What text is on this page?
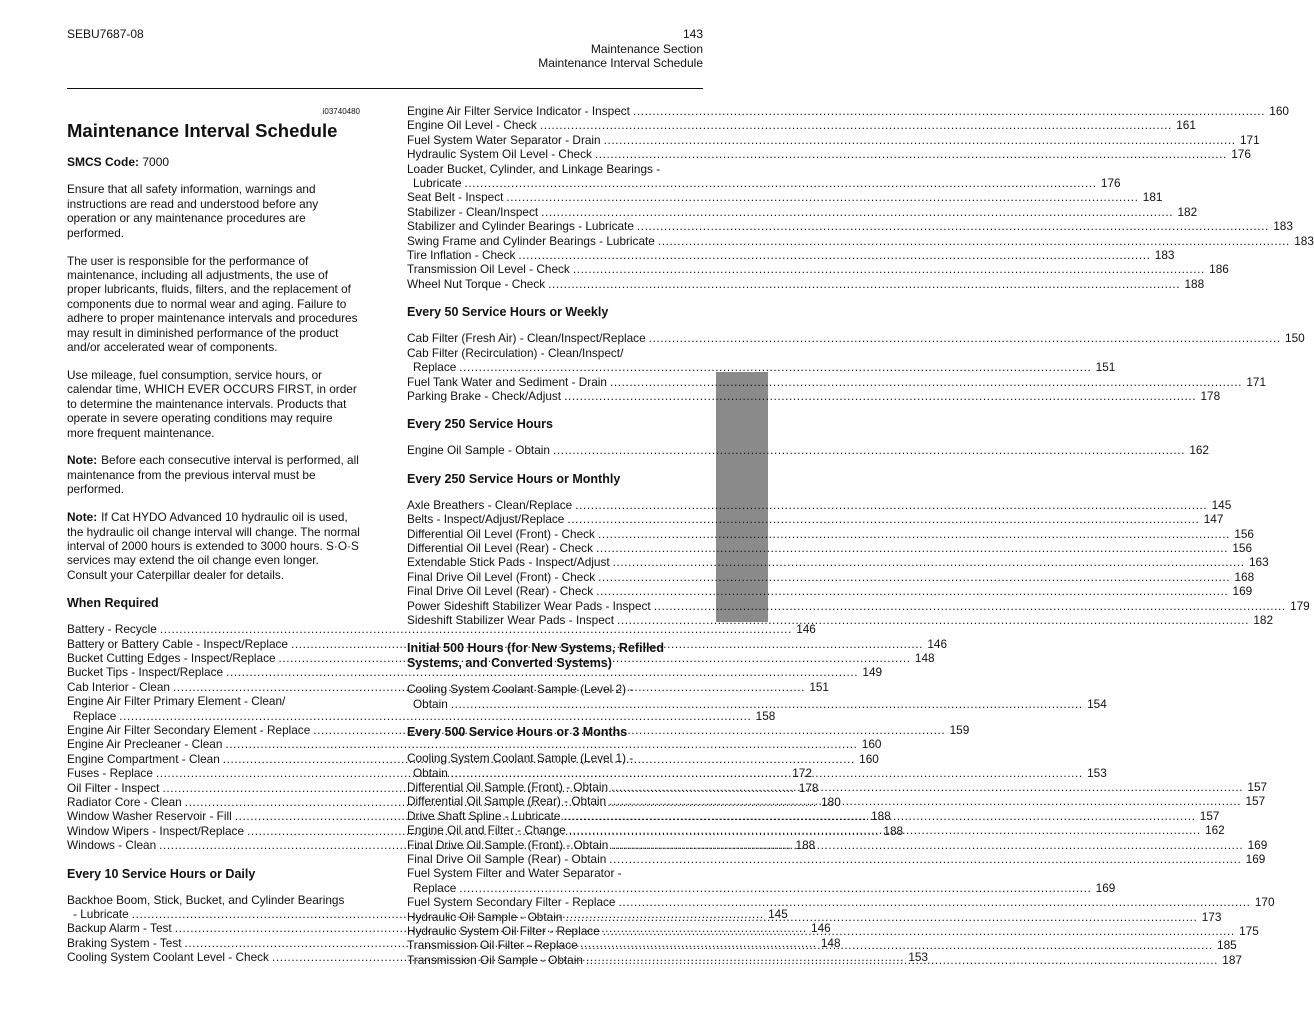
SEBU7687-08	143
Maintenance Section
Maintenance Interval Schedule
i03740480
Maintenance Interval Schedule
SMCS Code: 7000

Ensure that all safety information, warnings and instructions are read and understood before any operation or any maintenance procedures are performed.

The user is responsible for the performance of maintenance, including all adjustments, the use of proper lubricants, fluids, filters, and the replacement of components due to normal wear and aging. Failure to adhere to proper maintenance intervals and procedures may result in diminished performance of the product and/or accelerated wear of components.

Use mileage, fuel consumption, service hours, or calendar time, WHICH EVER OCCURS FIRST, in order to determine the maintenance intervals. Products that operate in severe operating conditions may require more frequent maintenance.

Note: Before each consecutive interval is performed, all maintenance from the previous interval must be performed.

Note: If Cat HYDO Advanced 10 hydraulic oil is used, the hydraulic oil change interval will change. The normal interval of 2000 hours is extended to 3000 hours. S·O·S services may extend the oil change even longer. Consult your Caterpillar dealer for details.

When Required
Battery - Recycle .....	146
Battery or Battery Cable - Inspect/Replace .....	146
Bucket Cutting Edges - Inspect/Replace .....	148
Bucket Tips - Inspect/Replace .....	149
Cab Interior - Clean .....	151
Engine Air Filter Primary Element - Clean/
Replace .....	158
Engine Air Filter Secondary Element - Replace .....	159
Engine Air Precleaner - Clean .....	160
Engine Compartment - Clean .....	160
Fuses - Replace .....	172
Oil Filter - Inspect .....	178
Radiator Core - Clean .....	180
Window Washer Reservoir - Fill .....	188
Window Wipers - Inspect/Replace .....	188
Windows - Clean .....	188
Every 10 Service Hours or Daily
Backhoe Boom, Stick, Bucket, and Cylinder Bearings
- Lubricate .....	145
Backup Alarm - Test .....	146
Braking System - Test .....	148
Cooling System Coolant Level - Check .....	153
Engine Air Filter Service Indicator - Inspect .....	160
Engine Oil Level - Check .....	161
Fuel System Water Separator - Drain .....	171
Hydraulic System Oil Level - Check .....	176
Loader Bucket, Cylinder, and Linkage Bearings -
Lubricate .....	176
Seat Belt - Inspect .....	181
Stabilizer - Clean/Inspect .....	182
Stabilizer and Cylinder Bearings - Lubricate .....	183
Swing Frame and Cylinder Bearings - Lubricate .....	183
Tire Inflation - Check .....	183
Transmission Oil Level - Check .....	186
Wheel Nut Torque - Check .....	188
Every 50 Service Hours or Weekly
Cab Filter (Fresh Air) - Clean/Inspect/Replace .....	150
Cab Filter (Recirculation) - Clean/Inspect/
Replace .....	151
Fuel Tank Water and Sediment - Drain .....	171
Parking Brake - Check/Adjust .....	178
Every 250 Service Hours
Engine Oil Sample - Obtain .....	162
Every 250 Service Hours or Monthly
Axle Breathers - Clean/Replace .....	145
Belts - Inspect/Adjust/Replace .....	147
Differential Oil Level (Front) - Check .....	156
Differential Oil Level (Rear) - Check .....	156
Extendable Stick Pads - Inspect/Adjust .....	163
Final Drive Oil Level (Front) - Check .....	168
Final Drive Oil Level (Rear) - Check .....	169
Power Sideshift Stabilizer Wear Pads - Inspect .....	179
Sideshift Stabilizer Wear Pads - Inspect .....	182
Initial 500 Hours (for New Systems, Refilled Systems, and Converted Systems)
Cooling System Coolant Sample (Level 2) -
Obtain .....	154
Every 500 Service Hours or 3 Months
Cooling System Coolant Sample (Level 1) -
Obtain .....	153
Differential Oil Sample (Front) - Obtain .....	157
Differential Oil Sample (Rear) - Obtain .....	157
Drive Shaft Spline - Lubricate .....	157
Engine Oil and Filter - Change .....	162
Final Drive Oil Sample (Front) - Obtain .....	169
Final Drive Oil Sample (Rear) - Obtain .....	169
Fuel System Filter and Water Separator -
Replace .....	169
Fuel System Secondary Filter - Replace .....	170
Hydraulic Oil Sample - Obtain .....	173
Hydraulic System Oil Filter - Replace .....	175
Transmission Oil Filter - Replace .....	185
Transmission Oil Sample - Obtain .....	187
